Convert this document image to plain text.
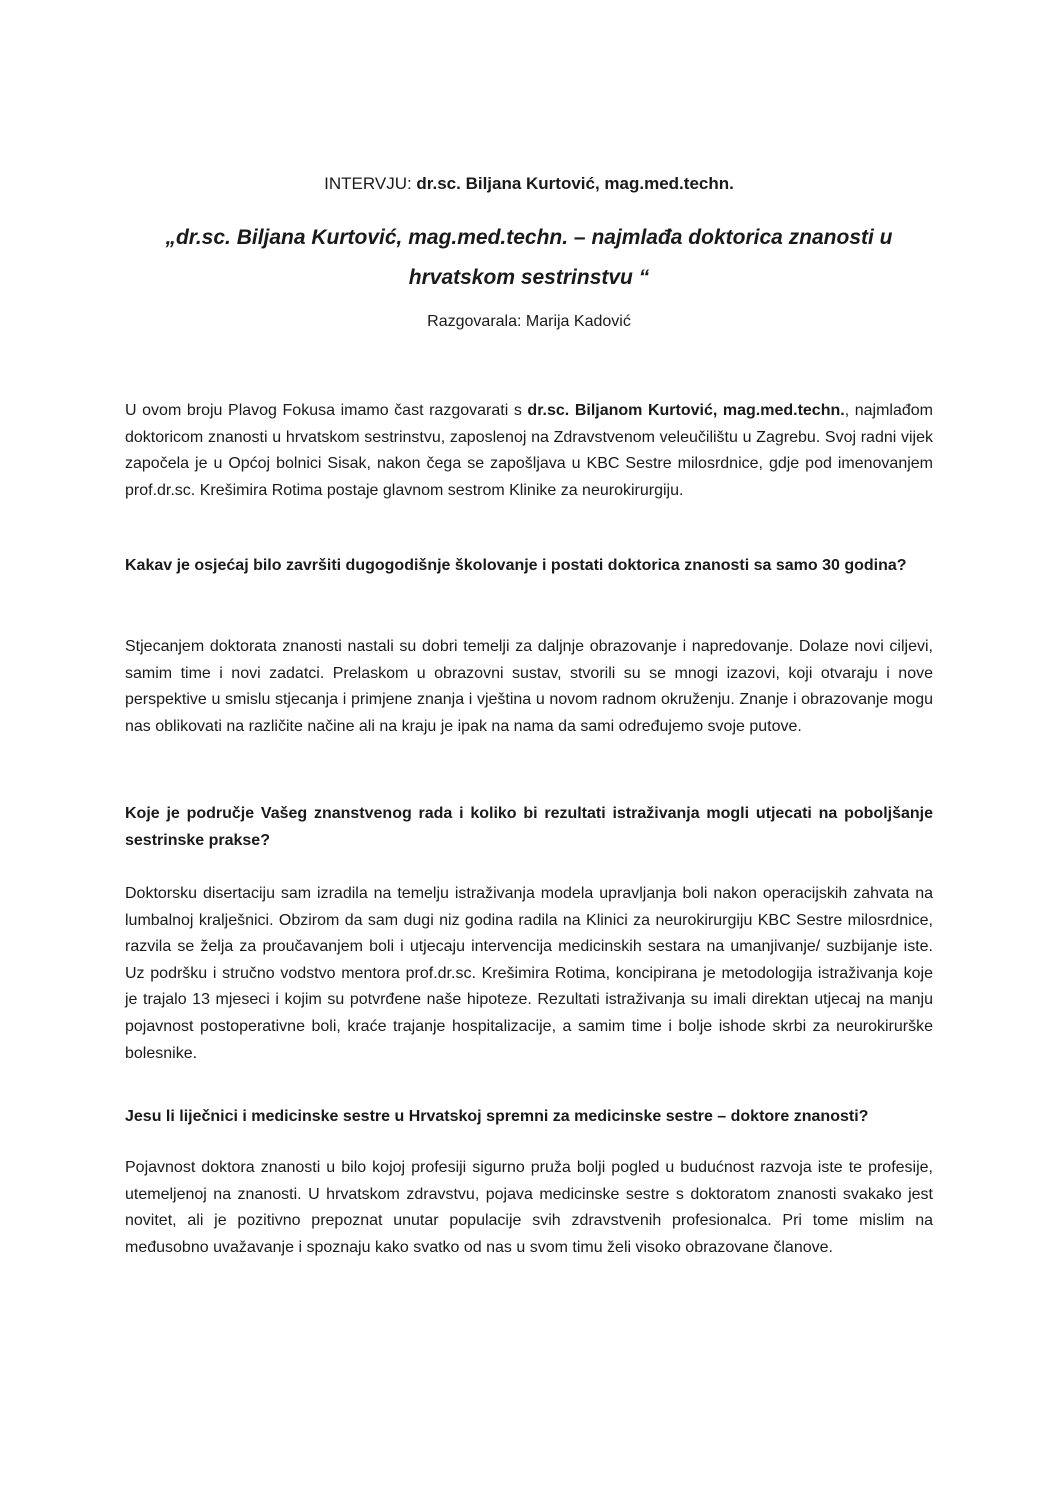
INTERVJU: dr.sc. Biljana Kurtović, mag.med.techn.
„dr.sc. Biljana Kurtović, mag.med.techn. – najmlađa doktorica znanosti u hrvatskom sestrinstvu “
Razgovarala: Marija Kadović

U ovom broju Plavog Fokusa imamo čast razgovarati s dr.sc. Biljanom Kurtović, mag.med.techn., najmlađom doktoricom znanosti u hrvatskom sestrinstvu, zaposlenoj na Zdravstvenom veleučilištu u Zagrebu. Svoj radni vijek započela je u Općoj bolnici Sisak, nakon čega se zapošljava u KBC Sestre milosrdnice, gdje pod imenovanjem prof.dr.sc. Krešimira Rotima postaje glavnom sestrom Klinike za neurokirurgiju.

Kakav je osjećaj bilo završiti dugogodišnje školovanje i postati doktorica znanosti sa samo 30 godina?

Stjecanjem doktorata znanosti nastali su dobri temelji za daljnje obrazovanje i napredovanje. Dolaze novi ciljevi, samim time i novi zadatci. Prelaskom u obrazovni sustav, stvorili su se mnogi izazovi, koji otvaraju i nove perspektive u smislu stjecanja i primjene znanja i vještina u novom radnom okruženju. Znanje i obrazovanje mogu nas oblikovati na različite načine ali na kraju je ipak na nama da sami određujemo svoje putove.

Koje je područje Vašeg znanstvenog rada i koliko bi rezultati istraživanja mogli utjecati na poboljšanje sestrinske prakse?

Doktorsku disertaciju sam izradila na temelju istraživanja modela upravljanja boli nakon operacijskih zahvata na lumbalnoj kralješnici. Obzirom da sam dugi niz godina radila na Klinici za neurokirurgiju KBC Sestre milosrdnice, razvila se želja za proučavanjem boli i utjecaju intervencija medicinskih sestara na umanjivanje/ suzbijanje iste. Uz podršku i stručno vodstvo mentora prof.dr.sc. Krešimira Rotima, koncipirana je metodologija istraživanja koje je trajalo 13 mjeseci i kojim su potvrđene naše hipoteze. Rezultati istraživanja su imali direktan utjecaj na manju pojavnost postoperativne boli, kraće trajanje hospitalizacije, a samim time i bolje ishode skrbi za neurokirurške bolesnike.

Jesu li liječnici i medicinske sestre u Hrvatskoj spremni za medicinske sestre – doktore znanosti?

Pojavnost doktora znanosti u bilo kojoj profesiji sigurno pruža bolji pogled u budućnost razvoja iste te profesije, utemeljenoj na znanosti. U hrvatskom zdravstvu, pojava medicinske sestre s doktoratom znanosti svakako jest novitet, ali je pozitivno prepoznat unutar populacije svih zdravstvenih profesionalca. Pri tome mislim na međusobno uvažavanje i spoznaju kako svatko od nas u svom timu želi visoko obrazovane članove.
